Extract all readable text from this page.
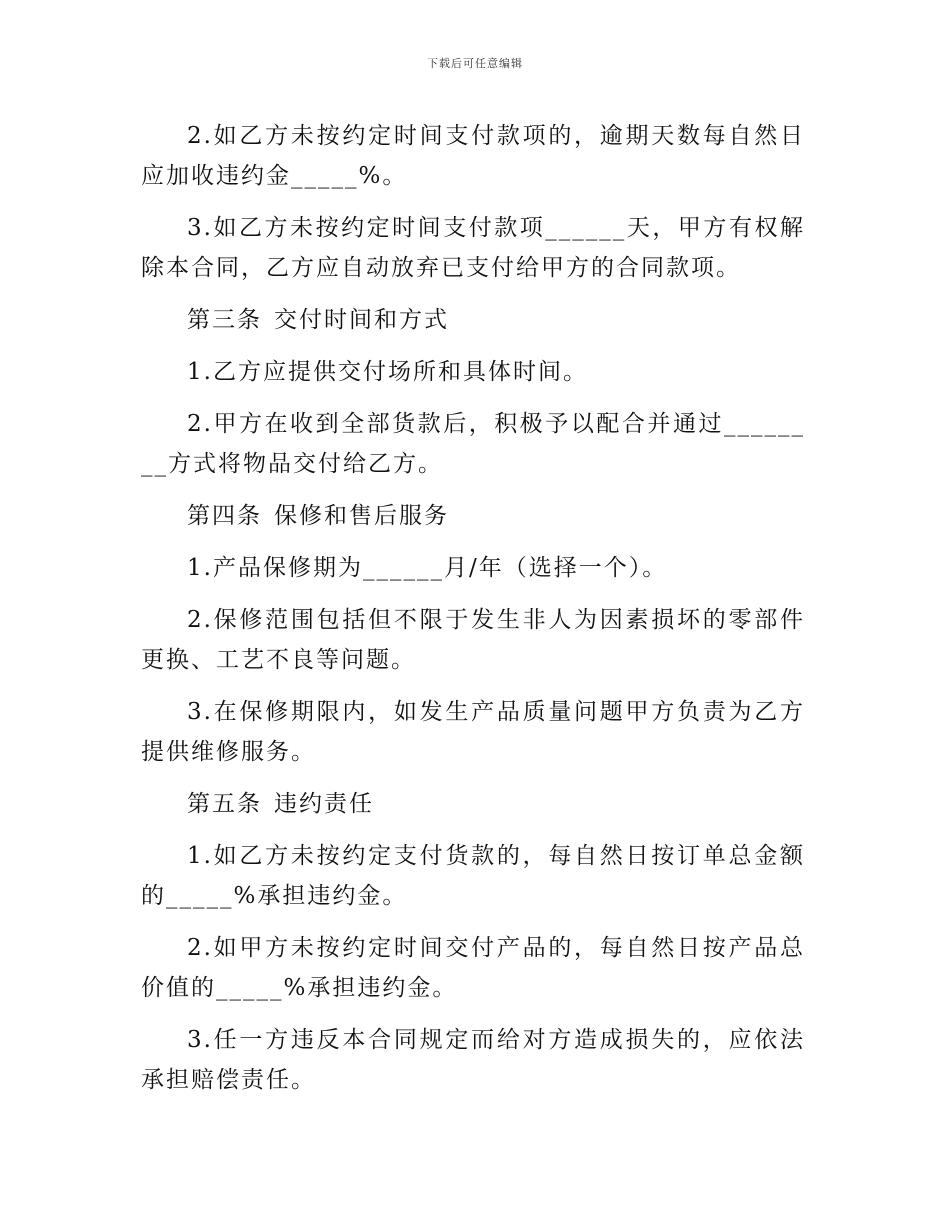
下载后可任意编辑

2.如乙方未按约定时间支付款项的，逾期天数每自然日应加收违约金_____%。

3.如乙方未按约定时间支付款项______天，甲方有权解除本合同，乙方应自动放弃已支付给甲方的合同款项。

第三条 交付时间和方式

1.乙方应提供交付场所和具体时间。

2.甲方在收到全部货款后，积极予以配合并通过________方式将物品交付给乙方。

第四条 保修和售后服务

1.产品保修期为______月/年（选择一个）。

2.保修范围包括但不限于发生非人为因素损坏的零部件更换、工艺不良等问题。

3.在保修期限内，如发生产品质量问题甲方负责为乙方提供维修服务。

第五条 违约责任

1.如乙方未按约定支付货款的，每自然日按订单总金额的_____%承担违约金。

2.如甲方未按约定时间交付产品的，每自然日按产品总价值的_____%承担违约金。

3.任一方违反本合同规定而给对方造成损失的，应依法承担赔偿责任。
